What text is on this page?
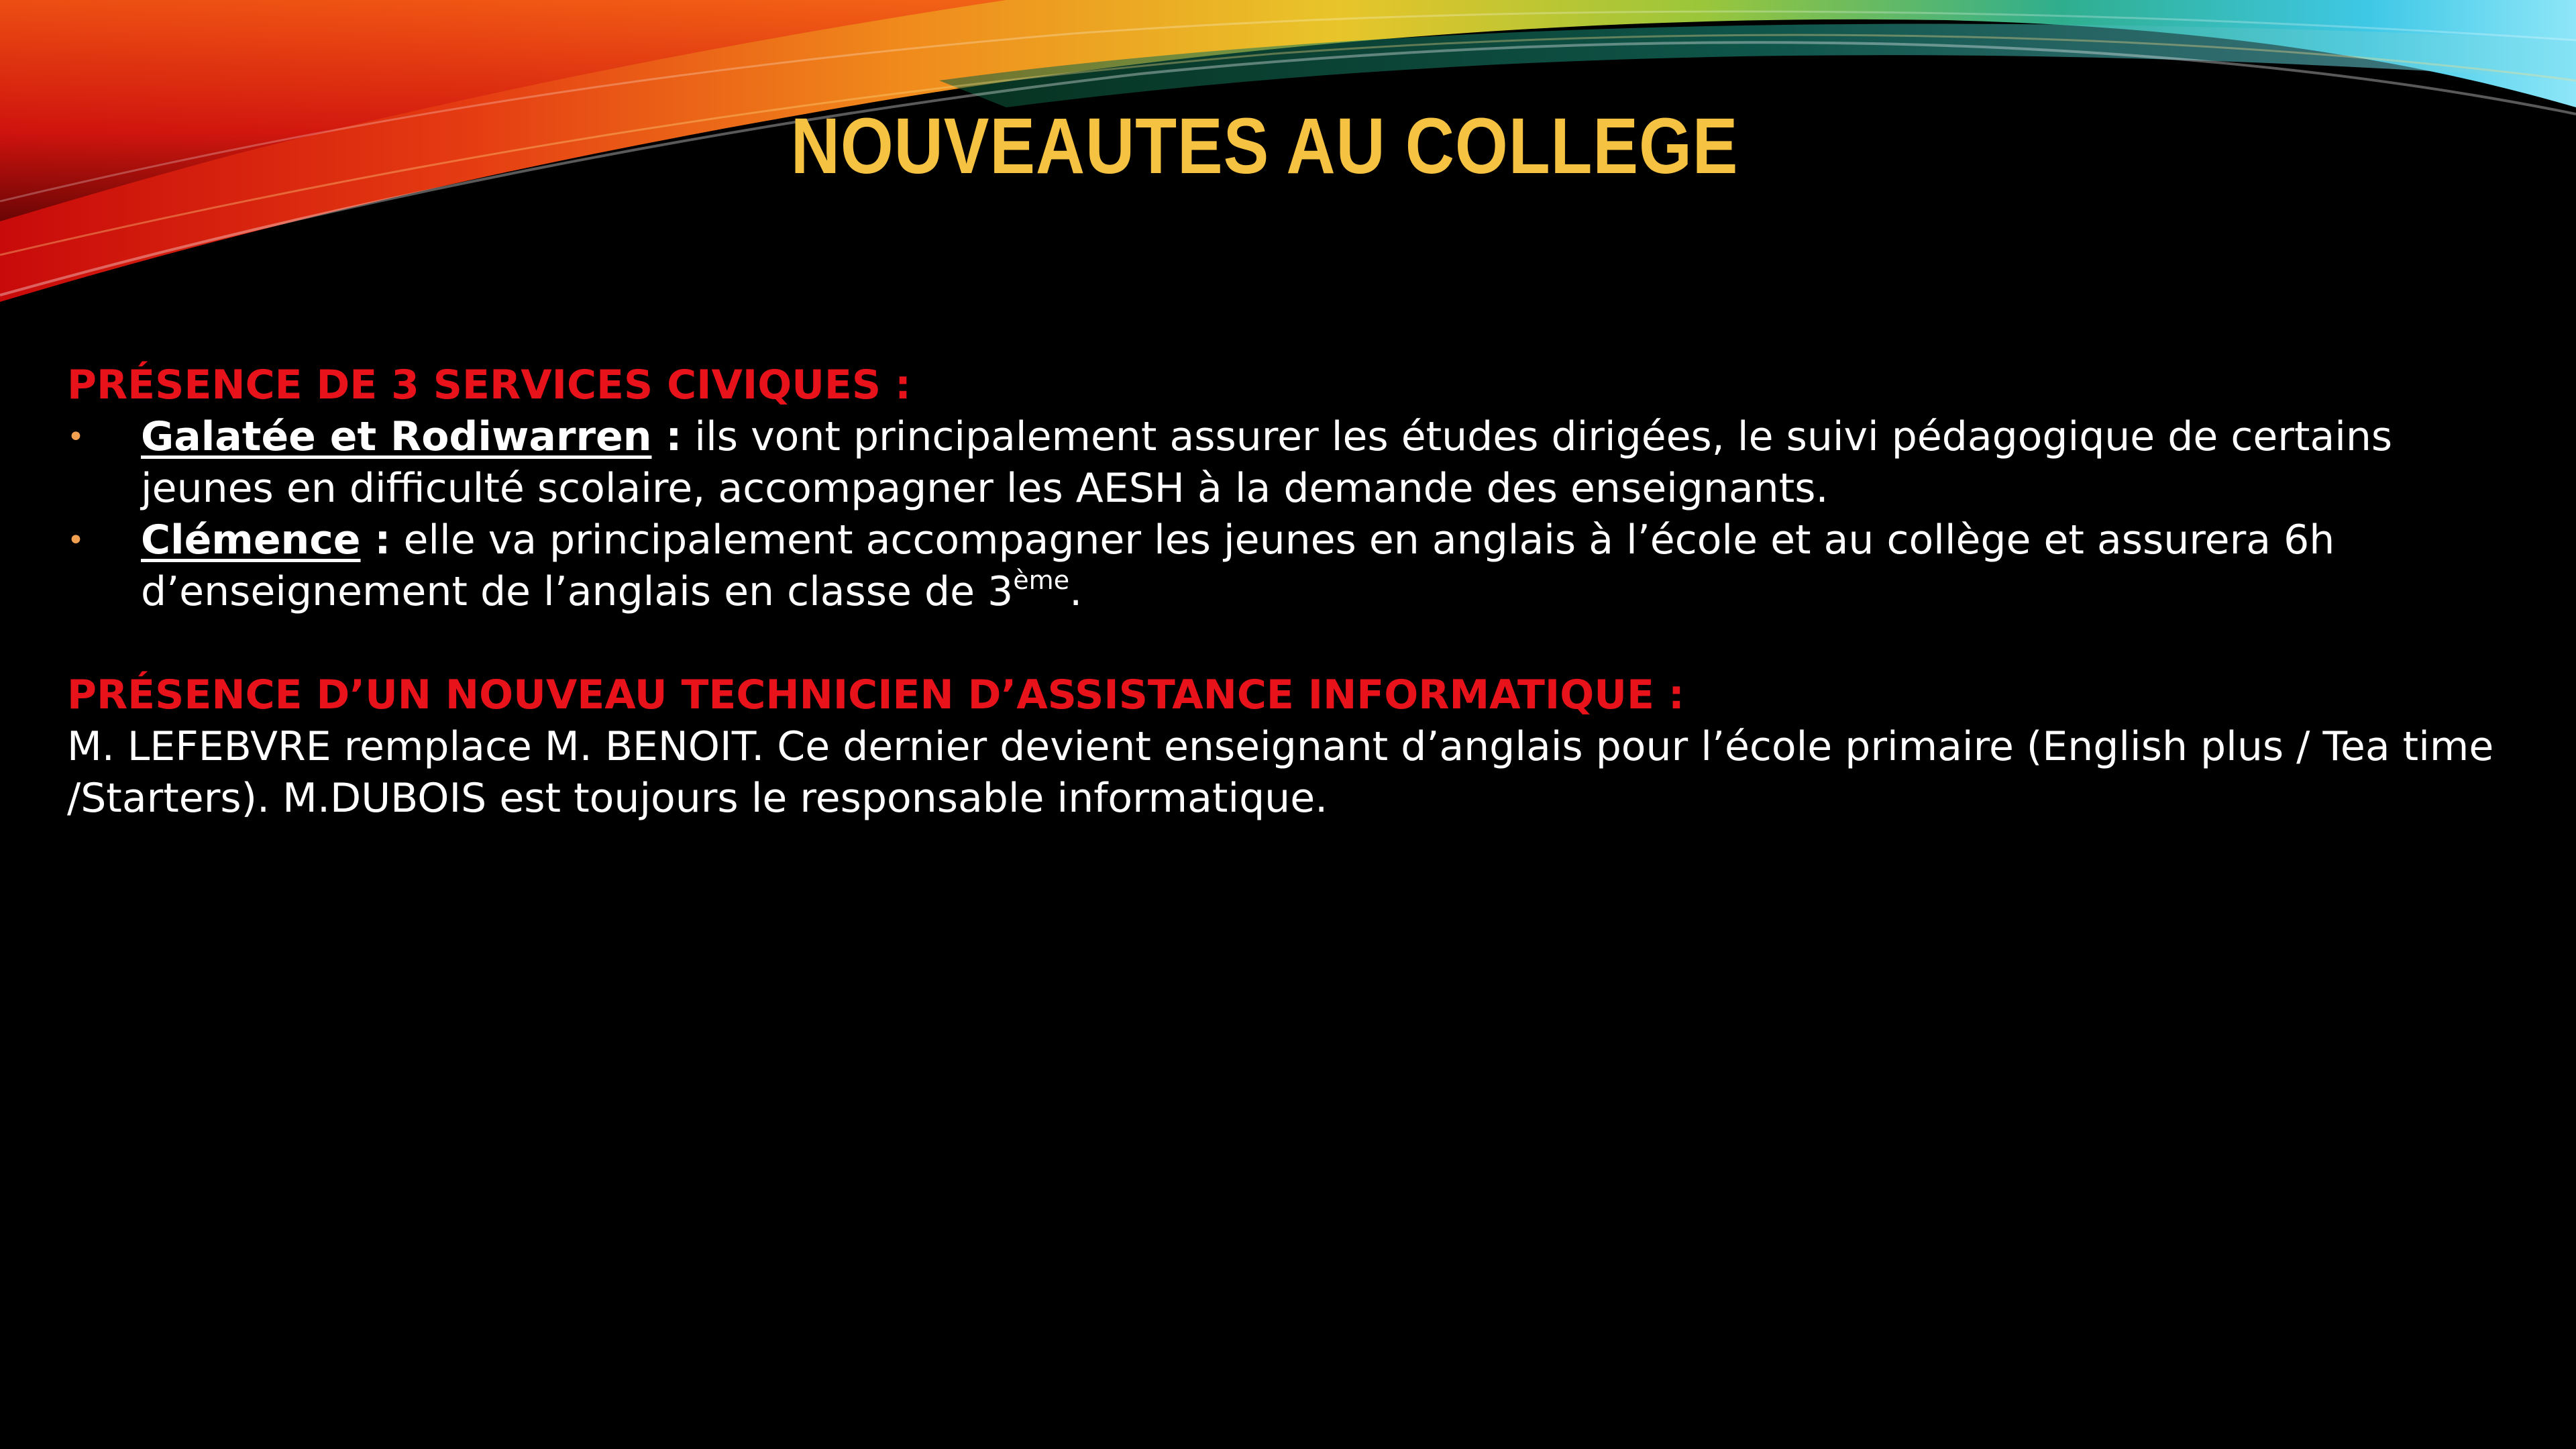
NOUVEAUTES AU COLLEGE
PRÉSENCE DE 3 SERVICES CIVIQUES :
• Galatée et Rodiwarren : ils vont principalement assurer les études dirigées, le suivi pédagogique de certains jeunes en difficulté scolaire, accompagner les AESH à la demande des enseignants.
• Clémence : elle va principalement accompagner les jeunes en anglais à l’école et au collège et assurera 6h d’enseignement de l’anglais en classe de 3ème.
PRÉSENCE D’UN NOUVEAU TECHNICIEN D’ASSISTANCE INFORMATIQUE :
M. LEFEBVRE remplace M. BENOIT. Ce dernier devient enseignant d’anglais pour l’école primaire (English plus / Tea time /Starters). M.DUBOIS est toujours le responsable informatique.
